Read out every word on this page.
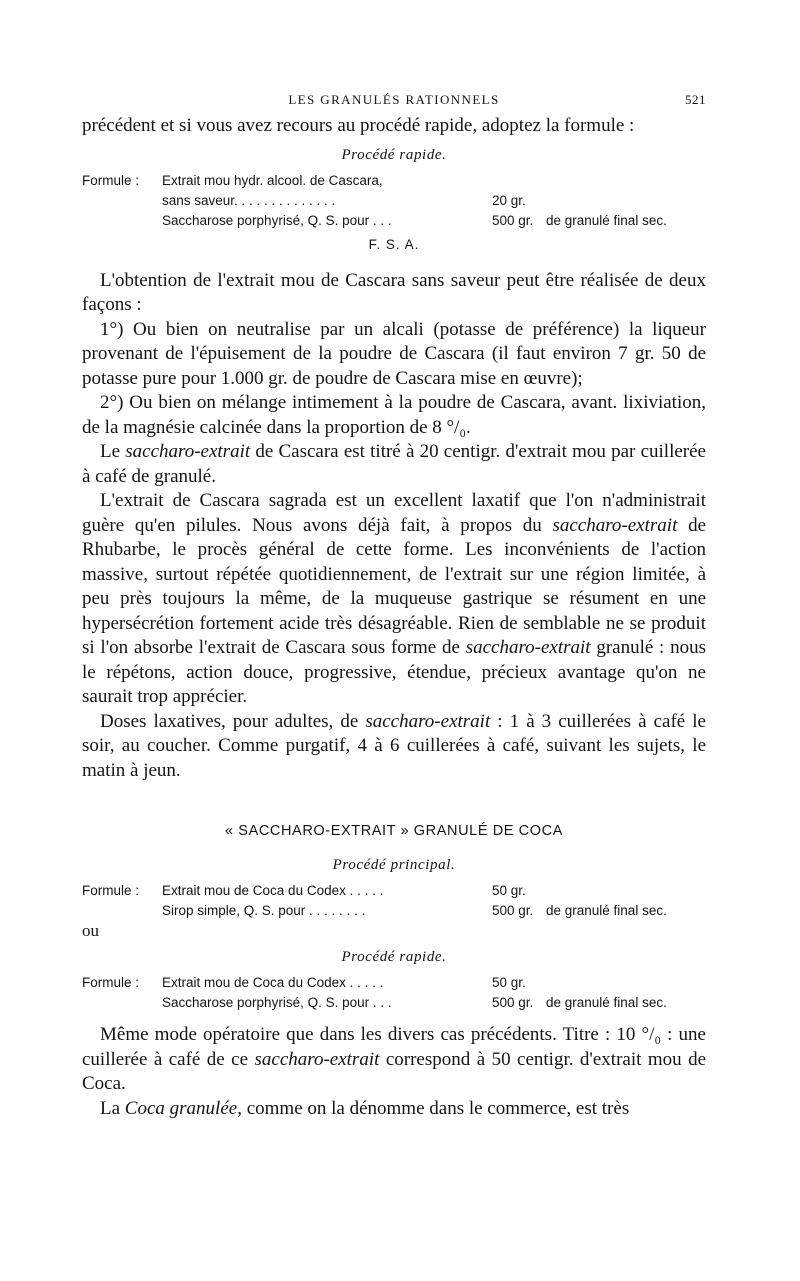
LES GRANULÉS RATIONNELS	521

précédent et si vous avez recours au procédé rapide, adoptez la formule :

Procédé rapide.
Formule :	Extrait mou hydr. alcool. de Cascara,
sans saveur. . . . . . . . . . . . . .	20 gr.
Saccharose porphyrisé, Q. S. pour . . .	500 gr. de granulé final sec.
F. S. A.

L'obtention de l'extrait mou de Cascara sans saveur peut être réalisée de deux façons :

1°) Ou bien on neutralise par un alcali (potasse de préférence) la liqueur provenant de l'épuisement de la poudre de Cascara (il faut environ 7 gr. 50 de potasse pure pour 1.000 gr. de poudre de Cascara mise en œuvre);

2°) Ou bien on mélange intimement à la poudre de Cascara, avant. lixiviation, de la magnésie calcinée dans la proportion de 8 °/₀.

Le saccharo-extrait de Cascara est titré à 20 centigr. d'extrait mou par cuillerée à café de granulé.

L'extrait de Cascara sagrada est un excellent laxatif que l'on n'administrait guère qu'en pilules. Nous avons déjà fait, à propos du saccharo-extrait de Rhubarbe, le procès général de cette forme. Les inconvénients de l'action massive, surtout répétée quotidiennement, de l'extrait sur une région limitée, à peu près toujours la même, de la muqueuse gastrique se résument en une hypersécrétion fortement acide très désagréable. Rien de semblable ne se produit si l'on absorbe l'extrait de Cascara sous forme de saccharo-extrait granulé : nous le répétons, action douce, progressive, étendue, précieux avantage qu'on ne saurait trop apprécier.

Doses laxatives, pour adultes, de saccharo-extrait : 1 à 3 cuillerées à café le soir, au coucher. Comme purgatif, 4 à 6 cuillerées à café, suivant les sujets, le matin à jeun.

« SACCHARO-EXTRAIT » GRANULÉ DE COCA
Procédé principal.
Formule :	Extrait mou de Coca du Codex . . . . .	50 gr.
Sirop simple, Q. S. pour . . . . . . . .	500 gr. de granulé final sec.
ou
Procédé rapide.
Formule :	Extrait mou de Coca du Codex . . . . .	50 gr.
Saccharose porphyrisé, Q. S. pour . . .	500 gr. de granulé final sec.

Même mode opératoire que dans les divers cas précédents. Titre : 10 °/₀ : une cuillerée à café de ce saccharo-extrait correspond à 50 centigr. d'extrait mou de Coca.

La Coca granulée, comme on la dénomme dans le commerce, est très
